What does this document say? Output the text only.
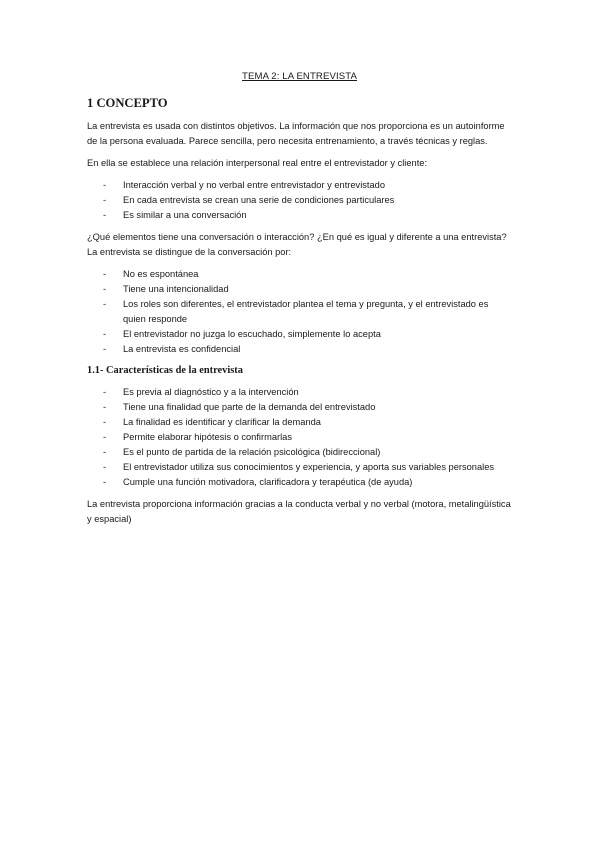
TEMA 2: LA ENTREVISTA
1 CONCEPTO

La entrevista es usada con distintos objetivos. La información que nos proporciona es un autoinforme de la persona evaluada. Parece sencilla, pero necesita entrenamiento, a través técnicas y reglas.

En ella se establece una relación interpersonal real entre el entrevistador y cliente:

- Interacción verbal y no verbal entre entrevistador y entrevistado
- En cada entrevista se crean una serie de condiciones particulares
- Es similar a una conversación

¿Qué elementos tiene una conversación o interacción? ¿En qué es igual y diferente a una entrevista? La entrevista se distingue de la conversación por:

- No es espontánea
- Tiene una intencionalidad
- Los roles son diferentes, el entrevistador plantea el tema y pregunta, y el entrevistado es quien responde
- El entrevistador no juzga lo escuchado, simplemente lo acepta
- La entrevista es confidencial
1.1- Características de la entrevista
- Es previa al diagnóstico y a la intervención
- Tiene una finalidad que parte de la demanda del entrevistado
- La finalidad es identificar y clarificar la demanda
- Permite elaborar hipótesis o confirmarlas
- Es el punto de partida de la relación psicológica (bidireccional)
- El entrevistador utiliza sus conocimientos y experiencia, y aporta sus variables personales
- Cumple una función motivadora, clarificadora y terapéutica (de ayuda)

La entrevista proporciona información gracias a la conducta verbal y no verbal (motora, metalingüística y espacial)
